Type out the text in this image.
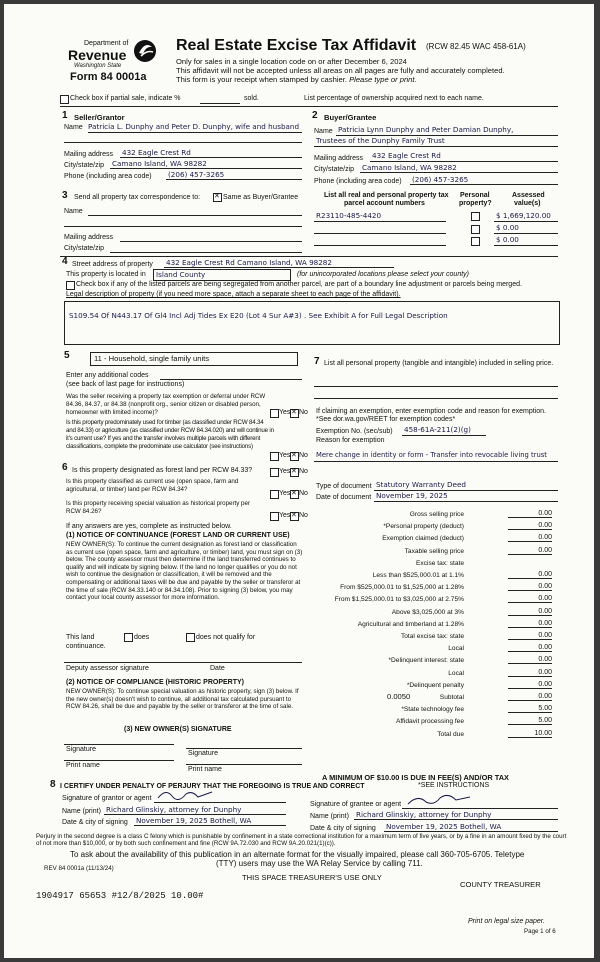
Department of
Revenue
Washington State
Form 84 0001a
Real Estate Excise Tax Affidavit (RCW 82.45 WAC 458-61A)
Only for sales in a single location code on or after December 6, 2024
This affidavit will not be accepted unless all areas on all pages are fully and accurately completed.
This form is your receipt when stamped by cashier. Please type or print.
Check box if partial sale, indicate %	sold.	List percentage of ownership acquired next to each name.
1 Seller/Grantor
Name Patricia L. Dunphy and Peter D. Dunphy, wife and husband
Mailing address 432 Eagle Crest Rd
City/state/zip Camano Island, WA 98282
Phone (including area code) (206) 457-3265
2 Buyer/Grantee
Name Patricia Lynn Dunphy and Peter Damian Dunphy,
Trustees of the Dunphy Family Trust
Mailing address 432 Eagle Crest Rd
City/state/zip Camano Island, WA 98282
Phone (including area code) (206) 457-3265
3 Send all property tax correspondence to: ✕	Same as Buyer/Grantee
Name
Mailing address
City/state/zip
List all real and personal property tax
parcel account numbers
Personal
property?
Assessed
value(s)
R23110-485-4420	$ 1,669,120.00
$ 0.00
$ 0.00
4 Street address of property 432 Eagle Crest Rd Camano Island, WA 98282
This property is located in Island County	(for unincorporated locations please select your county)
Check box if any of the listed parcels are being segregated from another parcel, are part of a boundary line adjustment or parcels being merged.
Legal description of property (if you need more space, attach a separate sheet to each page of the affidavit).
S109.54 Of N443.17 Of Gl4 Incl Adj Tides Ex E20 (Lot 4 Sur A#3) . See Exhibit A for Full Legal Description
5	11 - Household, single family units
Enter any additional codes
(see back of last page for instructions)
Was the seller receiving a property tax exemption or deferral under RCW 84.36, 84.37, or 84.38 (nonprofit org., senior citizen or disabled person, homeowner with limited income)?	Yes ✕ No
Is this property predominately used for timber (as classified under RCW 84.34 and 84.33) or agriculture (as classified under RCW 84.34.020) and will continue in it's current use? If yes and the transfer involves multiple parcels with different classifications, complete the predominate use calculator (see instructions)
Yes ✕ No
7 List all personal property (tangible and intangible) included in selling price.
If claiming an exemption, enter exemption code and reason for exemption. *See dor.wa.gov/REET for exemption codes*
Exemption No. (sec/sub) 458-61A-211(2)(g)
Reason for exemption
Mere change in identity or form - Transfer into revocable living trust
Type of document Statutory Warranty Deed
Date of document November 19, 2025
6 Is this property designated as forest land per RCW 84.33?	Yes ✕ No
Is this property classified as current use (open space, farm and agricultural, or timber) land per RCW 84.34?
Yes ✕ No
Is this property receiving special valuation as historical property per RCW 84.26?
Yes ✕ No
If any answers are yes, complete as instructed below.
(1) NOTICE OF CONTINUANCE (FOREST LAND OR CURRENT USE)
NEW OWNER(S): To continue the current designation as forest land or classification as current use (open space, farm and agriculture, or timber) land, you must sign on (3) below. The county assessor must then determine if the land transferred continues to qualify and will indicate by signing below. If the land no longer qualifies or you do not wish to continue the designation or classification, it will be removed and the compensating or additional taxes will be due and payable by the seller or transferor at the time of sale (RCW 84.33.140 or 84.34.108). Prior to signing (3) below, you may contact your local county assessor for more information.
This land	does	does not qualify for
continuance.
Deputy assessor signature	Date
(2) NOTICE OF COMPLIANCE (HISTORIC PROPERTY)
NEW OWNER(S): To continue special valuation as historic property, sign (3) below. If the new owner(s) doesn't wish to continue, all additional tax calculated pursuant to RCW 84.26, shall be due and payable by the seller or transferor at the time of sale.
(3) NEW OWNER(S) SIGNATURE
Signature
Signature
Print name
Print name
Gross selling price	0.00
*Personal property (deduct)	0.00
Exemption claimed (deduct)	0.00
Taxable selling price	0.00
Excise tax: state
Less than $525,000.01 at 1.1%	0.00
From $525,000.01 to $1,525,000 at 1.28%	0.00
From $1,525,000.01 to $3,025,000 at 2.75%	0.00
Above $3,025,000 at 3%	0.00
Agricultural and timberland at 1.28%	0.00
Total excise tax: state	0.00
Local	0.00
*Delinquent interest: state	0.00
Local	0.00
*Delinquent penalty	0.00
Subtotal	0.00
*State technology fee	5.00
Affidavit processing fee	5.00
Total due	10.00
0.0050
A MINIMUM OF $10.00 IS DUE IN FEE(S) AND/OR TAX
*SEE INSTRUCTIONS
8 I CERTIFY UNDER PENALTY OF PERJURY THAT THE FOREGOING IS TRUE AND CORRECT
Signature of grantor or agent
Name (print) Richard Glinskiy, attorney for Dunphy
Date & city of signing November 19, 2025 Bothell, WA
Signature of grantee or agent
Name (print) Richard Glinskiy, attorney for Dunphy
Date & city of signing November 19, 2025 Bothell, WA
Perjury in the second degree is a class C felony which is punishable by confinement in a state correctional institution for a maximum term of five years, or by a fine in an amount fixed by the court of not more than $10,000, or by both such confinement and fine (RCW 9A.72.030 and RCW 9A.20.021(1)(c)).
To ask about the availability of this publication in an alternate format for the visually impaired, please call 360-705-6705. Teletype
(TTY) users may use the WA Relay Service by calling 711.
REV 84 0001a (11/13/24)
THIS SPACE TREASURER'S USE ONLY
COUNTY TREASURER
1904917 65653 #12/8/2025 10.00#
Print on legal size paper.
Page 1 of 6
